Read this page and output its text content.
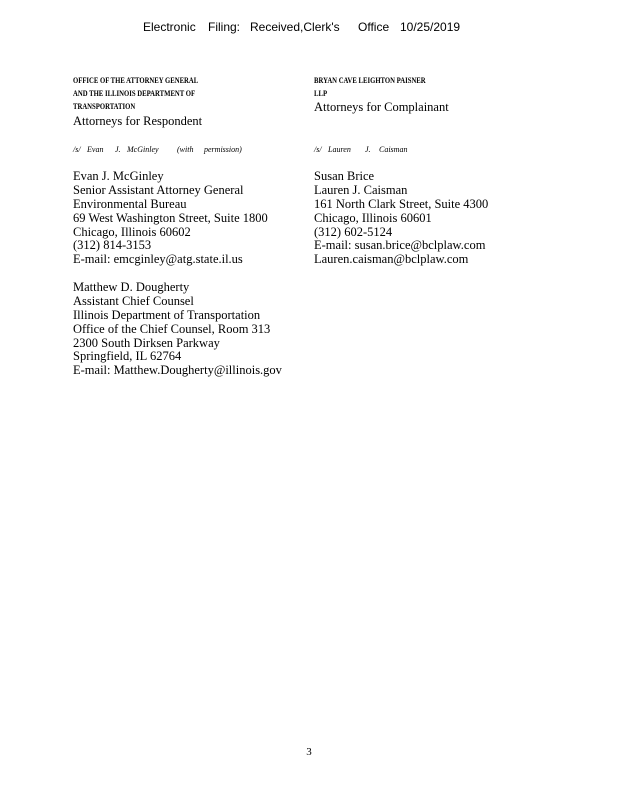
Electronic Filing: Received,Clerk's Office 10/25/2019
OFFICE OF THE ATTORNEY GENERAL
AND THE ILLINOIS DEPARTMENT OF
TRANSPORTATION
Attorneys for Respondent
/s/ Evan J. McGinley (with permission)
Evan J. McGinley
Senior Assistant Attorney General
Environmental Bureau
69 West Washington Street, Suite 1800
Chicago, Illinois 60602
(312) 814-3153
E-mail: emcginley@atg.state.il.us
Matthew D. Dougherty
Assistant Chief Counsel
Illinois Department of Transportation
Office of the Chief Counsel, Room 313
2300 South Dirksen Parkway
Springfield, IL 62764
E-mail: Matthew.Dougherty@illinois.gov
BRYAN CAVE LEIGHTON PAISNER
LLP
Attorneys for Complainant
/s/ Lauren J. Caisman
Susan Brice
Lauren J. Caisman
161 North Clark Street, Suite 4300
Chicago, Illinois 60601
(312) 602-5124
E-mail: susan.brice@bclplaw.com
Lauren.caisman@bclplaw.com
3
